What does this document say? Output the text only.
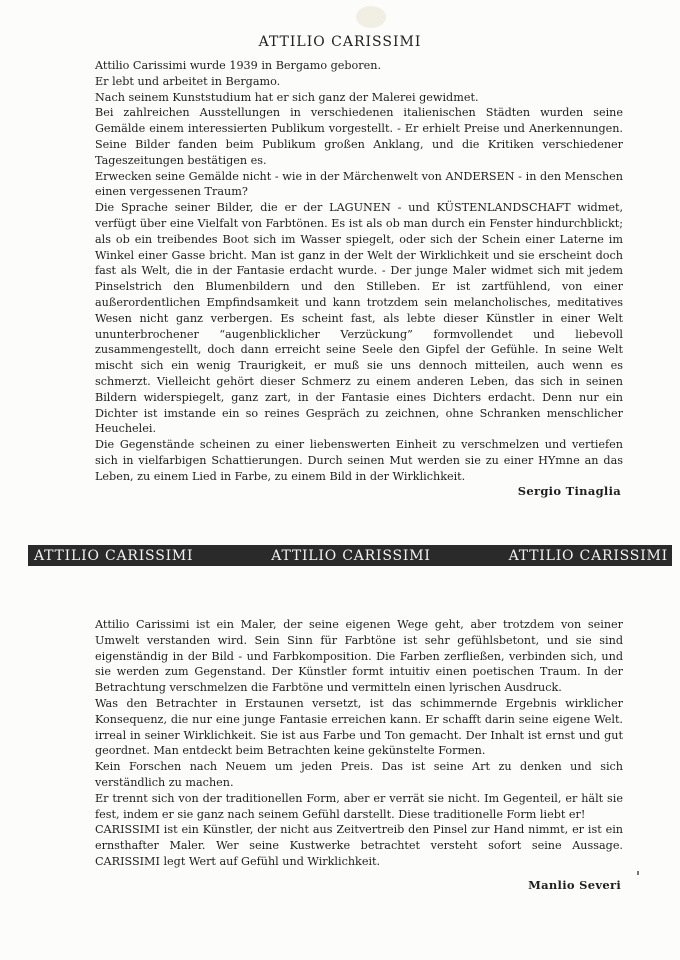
ATTILIO CARISSIMI

Attilio Carissimi wurde 1939 in Bergamo geboren.

Er lebt und arbeitet in Bergamo.

Nach seinem Kunststudium hat er sich ganz der Malerei gewidmet.

Bei zahlreichen Ausstellungen in verschiedenen italienischen Städten wurden seine Gemälde einem interessierten Publikum vorgestellt. - Er erhielt Preise und Anerkennungen. Seine Bilder fanden beim Publikum großen Anklang, und die Kritiken verschiedener Tageszeitungen bestätigen es.

Erwecken seine Gemälde nicht - wie in der Märchenwelt von ANDERSEN - in den Menschen einen vergessenen Traum?

Die Sprache seiner Bilder, die er der LAGUNEN - und KÜSTENLANDSCHAFT widmet, verfügt über eine Vielfalt von Farbtönen. Es ist als ob man durch ein Fenster hindurchblickt; als ob ein treibendes Boot sich im Wasser spiegelt, oder sich der Schein einer Laterne im Winkel einer Gasse bricht. Man ist ganz in der Welt der Wirklichkeit und sie erscheint doch fast als Welt, die in der Fantasie erdacht wurde. - Der junge Maler widmet sich mit jedem Pinselstrich den Blumenbildern und den Stilleben. Er ist zartfühlend, von einer außerordentlichen Empfindsamkeit und kann trotzdem sein melancholisches, meditatives Wesen nicht ganz verbergen. Es scheint fast, als lebte dieser Künstler in einer Welt ununterbrochener “augenblicklicher Verzückung” formvollendet und liebevoll zusammengestellt, doch dann erreicht seine Seele den Gipfel der Gefühle. In seine Welt mischt sich ein wenig Traurigkeit, er muß sie uns dennoch mitteilen, auch wenn es schmerzt. Vielleicht gehört dieser Schmerz zu einem anderen Leben, das sich in seinen Bildern widerspiegelt, ganz zart, in der Fantasie eines Dichters erdacht. Denn nur ein Dichter ist imstande ein so reines Gespräch zu zeichnen, ohne Schranken menschlicher Heuchelei.

Die Gegenstände scheinen zu einer liebenswerten Einheit zu verschmelzen und vertiefen sich in vielfarbigen Schattierungen. Durch seinen Mut werden sie zu einer HYmne an das Leben, zu einem Lied in Farbe, zu einem Bild in der Wirklichkeit.

Sergio Tinaglia
ATTILIO CARISSIMI	ATTILIO CARISSIMI	ATTILIO CARISSIMI

Attilio Carissimi ist ein Maler, der seine eigenen Wege geht, aber trotzdem von seiner Umwelt verstanden wird. Sein Sinn für Farbtöne ist sehr gefühlsbetont, und sie sind eigenständig in der Bild - und Farbkomposition. Die Farben zerfließen, verbinden sich, und sie werden zum Gegenstand. Der Künstler formt intuitiv einen poetischen Traum. In der Betrachtung verschmelzen die Farbtöne und vermitteln einen lyrischen Ausdruck.

Was den Betrachter in Erstaunen versetzt, ist das schimmernde Ergebnis wirklicher Konsequenz, die nur eine junge Fantasie erreichen kann. Er schafft darin seine eigene Welt. irreal in seiner Wirklichkeit. Sie ist aus Farbe und Ton gemacht. Der Inhalt ist ernst und gut geordnet. Man entdeckt beim Betrachten keine gekünstelte Formen.

Kein Forschen nach Neuem um jeden Preis. Das ist seine Art zu denken und sich verständlich zu machen.

Er trennt sich von der traditionellen Form, aber er verrät sie nicht. Im Gegenteil, er hält sie fest, indem er sie ganz nach seinem Gefühl darstellt. Diese traditionelle Form liebt er!

CARISSIMI ist ein Künstler, der nicht aus Zeitvertreib den Pinsel zur Hand nimmt, er ist ein ernsthafter Maler. Wer seine Kustwerke betrachtet versteht sofort seine Aussage. CARISSIMI legt Wert auf Gefühl und Wirklichkeit.

Manlio Severi
